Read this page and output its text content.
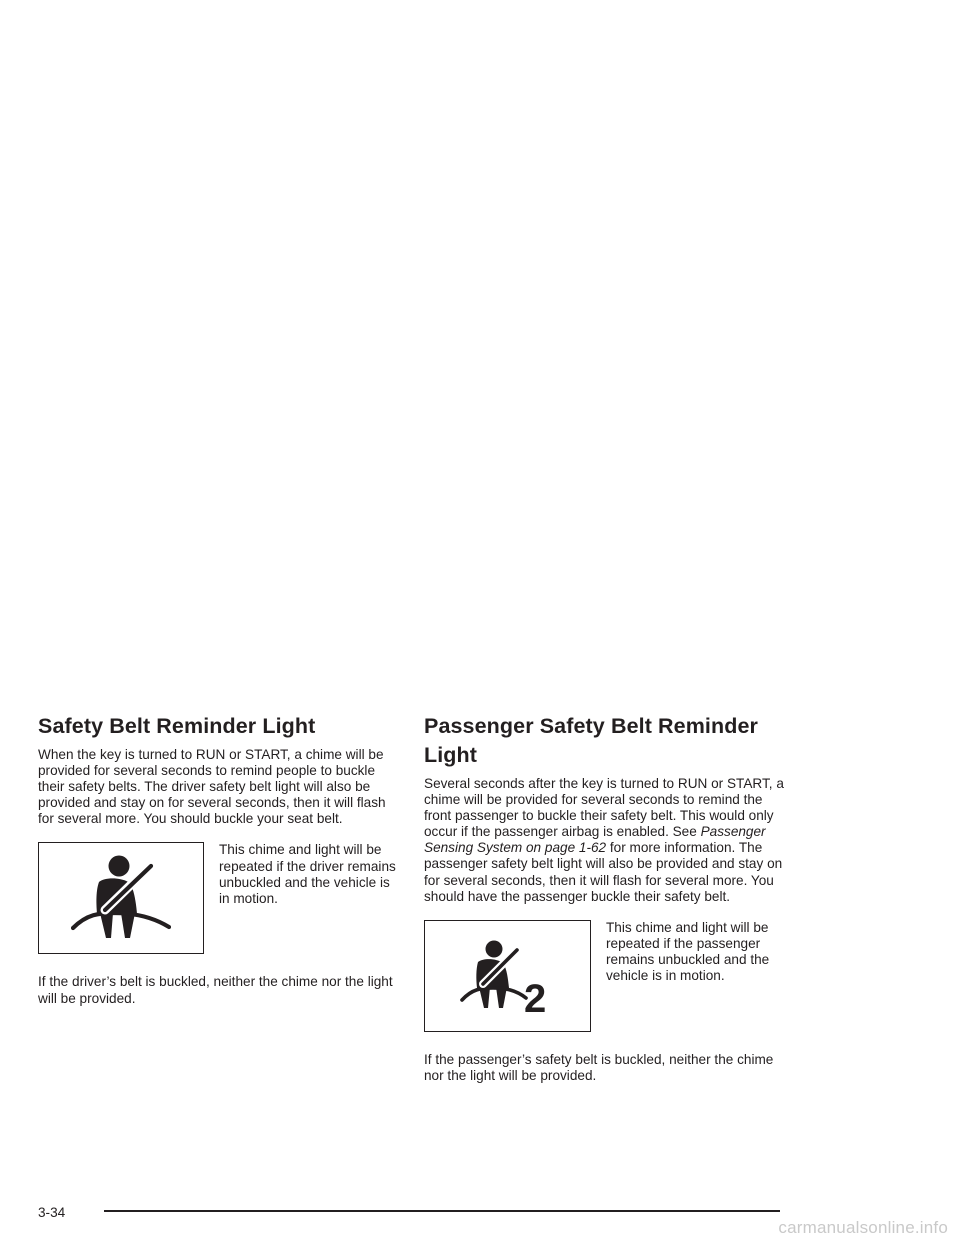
Safety Belt Reminder Light

When the key is turned to RUN or START, a chime will be provided for several seconds to remind people to buckle their safety belts. The driver safety belt light will also be provided and stay on for several seconds, then it will flash for several more. You should buckle your seat belt.

This chime and light will be repeated if the driver remains unbuckled and the vehicle is in motion.

If the driver’s belt is buckled, neither the chime nor the light will be provided.

Passenger Safety Belt Reminder Light

Several seconds after the key is turned to RUN or START, a chime will be provided for several seconds to remind the front passenger to buckle their safety belt. This would only occur if the passenger airbag is enabled. See Passenger Sensing System on page 1-62 for more information. The passenger safety belt light will also be provided and stay on for several seconds, then it will flash for several more. You should have the passenger buckle their safety belt.

2

This chime and light will be repeated if the passenger remains unbuckled and the vehicle is in motion.

If the passenger’s safety belt is buckled, neither the chime nor the light will be provided.

3-34
carmanualsonline.info
